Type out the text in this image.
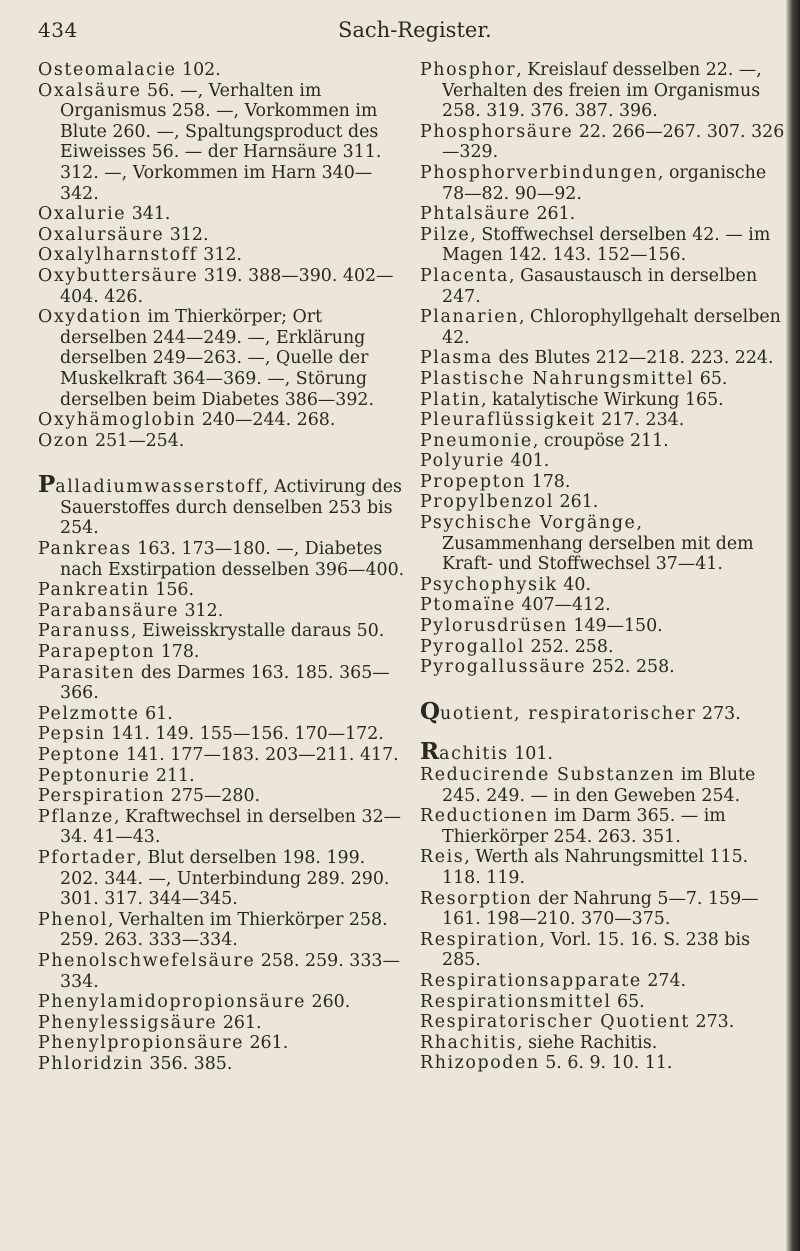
434	Sach-Register.

Osteomalacie 102.

Oxalsäure 56. —, Verhalten im Organismus 258. —, Vorkommen im Blute 260. —, Spaltungsproduct des Eiweisses 56. — der Harnsäure 311. 312. —, Vorkommen im Harn 340—342.

Oxalurie 341.

Oxalursäure 312.

Oxalylharnstoff 312.

Oxybuttersäure 319. 388—390. 402—404. 426.

Oxydation im Thierkörper; Ort derselben 244—249. —, Erklärung derselben 249—263. —, Quelle der Muskelkraft 364—369. —, Störung derselben beim Diabetes 386—392.

Oxyhämoglobin 240—244. 268.

Ozon 251—254.

Palladiumwasserstoff, Activirung des Sauerstoffes durch denselben 253 bis 254.

Pankreas 163. 173—180. —, Diabetes nach Exstirpation desselben 396—400.

Pankreatin 156.

Parabansäure 312.

Paranuss, Eiweisskrystalle daraus 50.

Parapepton 178.

Parasiten des Darmes 163. 185. 365—366.

Pelzmotte 61.

Pepsin 141. 149. 155—156. 170—172.

Peptone 141. 177—183. 203—211. 417.

Peptonurie 211.

Perspiration 275—280.

Pflanze, Kraftwechsel in derselben 32—34. 41—43.

Pfortader, Blut derselben 198. 199. 202. 344. —, Unterbindung 289. 290. 301. 317. 344—345.

Phenol, Verhalten im Thierkörper 258. 259. 263. 333—334.

Phenolschwefelsäure 258. 259. 333—334.

Phenylamidopropionsäure 260.

Phenylessigsäure 261.

Phenylpropionsäure 261.

Phloridzin 356. 385.

Phosphor, Kreislauf desselben 22. —, Verhalten des freien im Organismus 258. 319. 376. 387. 396.

Phosphorsäure 22. 266—267. 307. 326—329.

Phosphorverbindungen, organische 78—82. 90—92.

Phtalsäure 261.

Pilze, Stoffwechsel derselben 42. — im Magen 142. 143. 152—156.

Placenta, Gasaustausch in derselben 247.

Planarien, Chlorophyllgehalt derselben 42.

Plasma des Blutes 212—218. 223. 224.

Plastische Nahrungsmittel 65.

Platin, katalytische Wirkung 165.

Pleuraflüssigkeit 217. 234.

Pneumonie, croupöse 211.

Polyurie 401.

Propepton 178.

Propylbenzol 261.

Psychische Vorgänge, Zusammenhang derselben mit dem Kraft- und Stoffwechsel 37—41.

Psychophysik 40.

Ptomaïne 407—412.

Pylorusdrüsen 149—150.

Pyrogallol 252. 258.

Pyrogallussäure 252. 258.

Quotient, respiratorischer 273.

Rachitis 101.

Reducirende Substanzen im Blute 245. 249. — in den Geweben 254.

Reductionen im Darm 365. — im Thierkörper 254. 263. 351.

Reis, Werth als Nahrungsmittel 115. 118. 119.

Resorption der Nahrung 5—7. 159—161. 198—210. 370—375.

Respiration, Vorl. 15. 16. S. 238 bis 285.

Respirationsapparate 274.

Respirationsmittel 65.

Respiratorischer Quotient 273.

Rhachitis, siehe Rachitis.

Rhizopoden 5. 6. 9. 10. 11.
